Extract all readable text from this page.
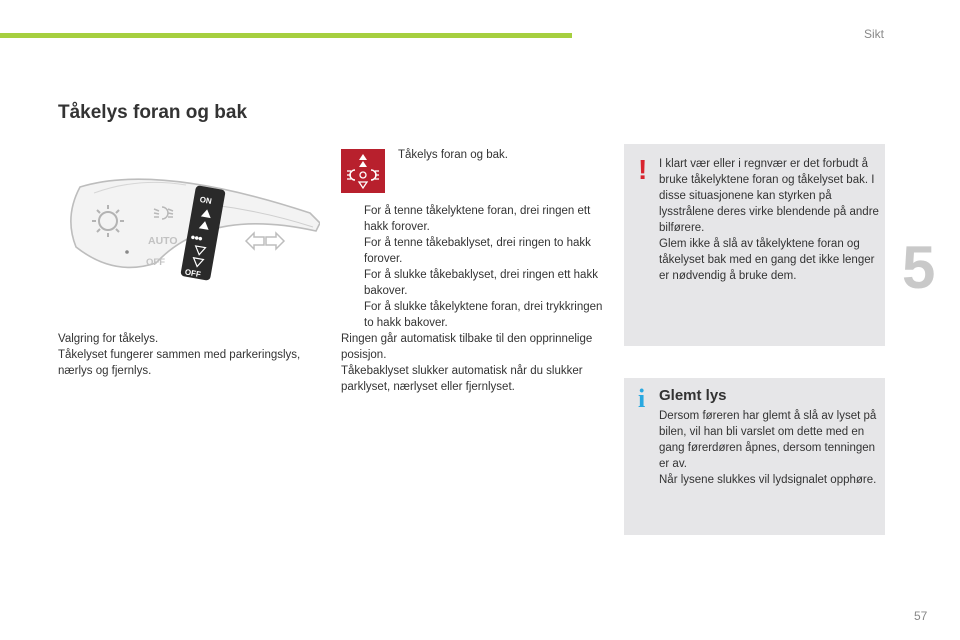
Sikt
5
Tåkelys foran og bak
AUTO
OFF
ON
⦁⦁⦁
OFF
Valgring for tåkelys.
Tåkelyset fungerer sammen med parkeringslys, nærlys og fjernlys.
Tåkelys foran og bak.
For å tenne tåkelyktene foran, drei ringen ett hakk forover.
For å tenne tåkebaklyset, drei ringen to hakk forover.
For å slukke tåkebaklyset, drei ringen ett hakk bakover.
For å slukke tåkelyktene foran, drei trykkringen to hakk bakover.
Ringen går automatisk tilbake til den opprinnelige posisjon.
Tåkebaklyset slukker automatisk når du slukker parklyset, nærlyset eller fjernlyset.
! I klart vær eller i regnvær er det forbudt å bruke tåkelyktene foran og tåkelyset bak. I disse situasjonene kan styrken på lysstrålene deres virke blendende på andre bilførere.
Glem ikke å slå av tåkelyktene foran og tåkelyset bak med en gang det ikke lenger er nødvendig å bruke dem.
i Glemt lys
Dersom føreren har glemt å slå av lyset på bilen, vil han bli varslet om dette med en gang førerdøren åpnes, dersom tenningen er av.
Når lysene slukkes vil lydsignalet opphøre.
57
